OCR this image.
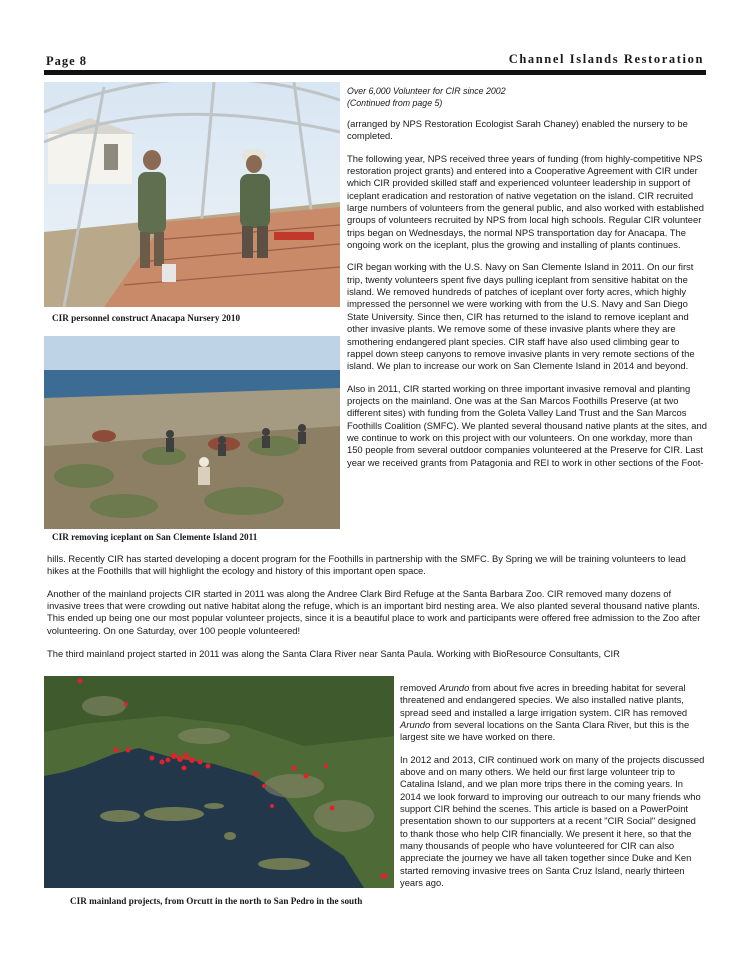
Page 8	Channel Islands Restoration
CIR personnel construct Anacapa Nursery 2010
CIR removing iceplant on San Clemente Island 2011
Over 6,000 Volunteer for CIR since 2002
(Continued from page 5)

(arranged by NPS Restoration Ecologist Sarah Chaney) enabled the nursery to be completed.

The following year, NPS received three years of funding (from highly-competitive NPS restoration project grants) and entered into a Cooperative Agreement with CIR under which CIR provided skilled staff and experienced volunteer leadership in support of iceplant eradication and restoration of native vegetation on the island. CIR recruited large numbers of volunteers from the general public, and also worked with established groups of volunteers recruited by NPS from local high schools. Regular CIR volunteer trips began on Wednesdays, the normal NPS transportation day for Anacapa. The ongoing work on the iceplant, plus the growing and installing of plants continues.

CIR began working with the U.S. Navy on San Clemente Island in 2011. On our first trip, twenty volunteers spent five days pulling iceplant from sensitive habitat on the island. We removed hundreds of patches of iceplant over forty acres, which highly impressed the personnel we were working with from the U.S. Navy and San Diego State University. Since then, CIR has returned to the island to remove iceplant and other invasive plants. We remove some of these invasive plants where they are smothering endangered plant species. CIR staff have also used climbing gear to rappel down steep canyons to remove invasive plants in very remote sections of the island. We plan to increase our work on San Clemente Island in 2014 and beyond.

Also in 2011, CIR started working on three important invasive removal and planting projects on the mainland. One was at the San Marcos Foothills Preserve (at two different sites) with funding from the Goleta Valley Land Trust and the San Marcos Foothills Coalition (SMFC). We planted several thousand native plants at the sites, and we continue to work on this project with our volunteers. On one workday, more than 150 people from several outdoor companies volunteered at the Preserve for CIR. Last year we received grants from Patagonia and REI to work in other sections of the Foot-

hills. Recently CIR has started developing a docent program for the Foothills in partnership with the SMFC. By Spring we will be training volunteers to lead hikes at the Foothills that will highlight the ecology and history of this important open space.

Another of the mainland projects CIR started in 2011 was along the Andree Clark Bird Refuge at the Santa Barbara Zoo. CIR removed many dozens of invasive trees that were crowding out native habitat along the refuge, which is an important bird nesting area. We also planted several thousand native plants. This ended up being one our most popular volunteer projects, since it is a beautiful place to work and participants were offered free admission to the Zoo after volunteering. On one Saturday, over 100 people volunteered!

The third mainland project started in 2011 was along the Santa Clara River near Santa Paula. Working with BioResource Consultants, CIR

CIR mainland projects, from Orcutt in the north to San Pedro in the south

removed Arundo from about five acres in breeding habitat for several threatened and endangered species. We also installed native plants, spread seed and installed a large irrigation system. CIR has removed Arundo from several locations on the Santa Clara River, but this is the largest site we have worked on there.

In 2012 and 2013, CIR continued work on many of the projects discussed above and on many others. We held our first large volunteer trip to Catalina Island, and we plan more trips there in the coming years. In 2014 we look forward to improving our outreach to our many friends who support CIR behind the scenes. This article is based on a PowerPoint presentation shown to our supporters at a recent "CIR Social" designed to thank those who help CIR financially. We present it here, so that the many thousands of people who have volunteered for CIR can also appreciate the journey we have all taken together since Duke and Ken started removing invasive trees on Santa Cruz Island, nearly thirteen years ago.
